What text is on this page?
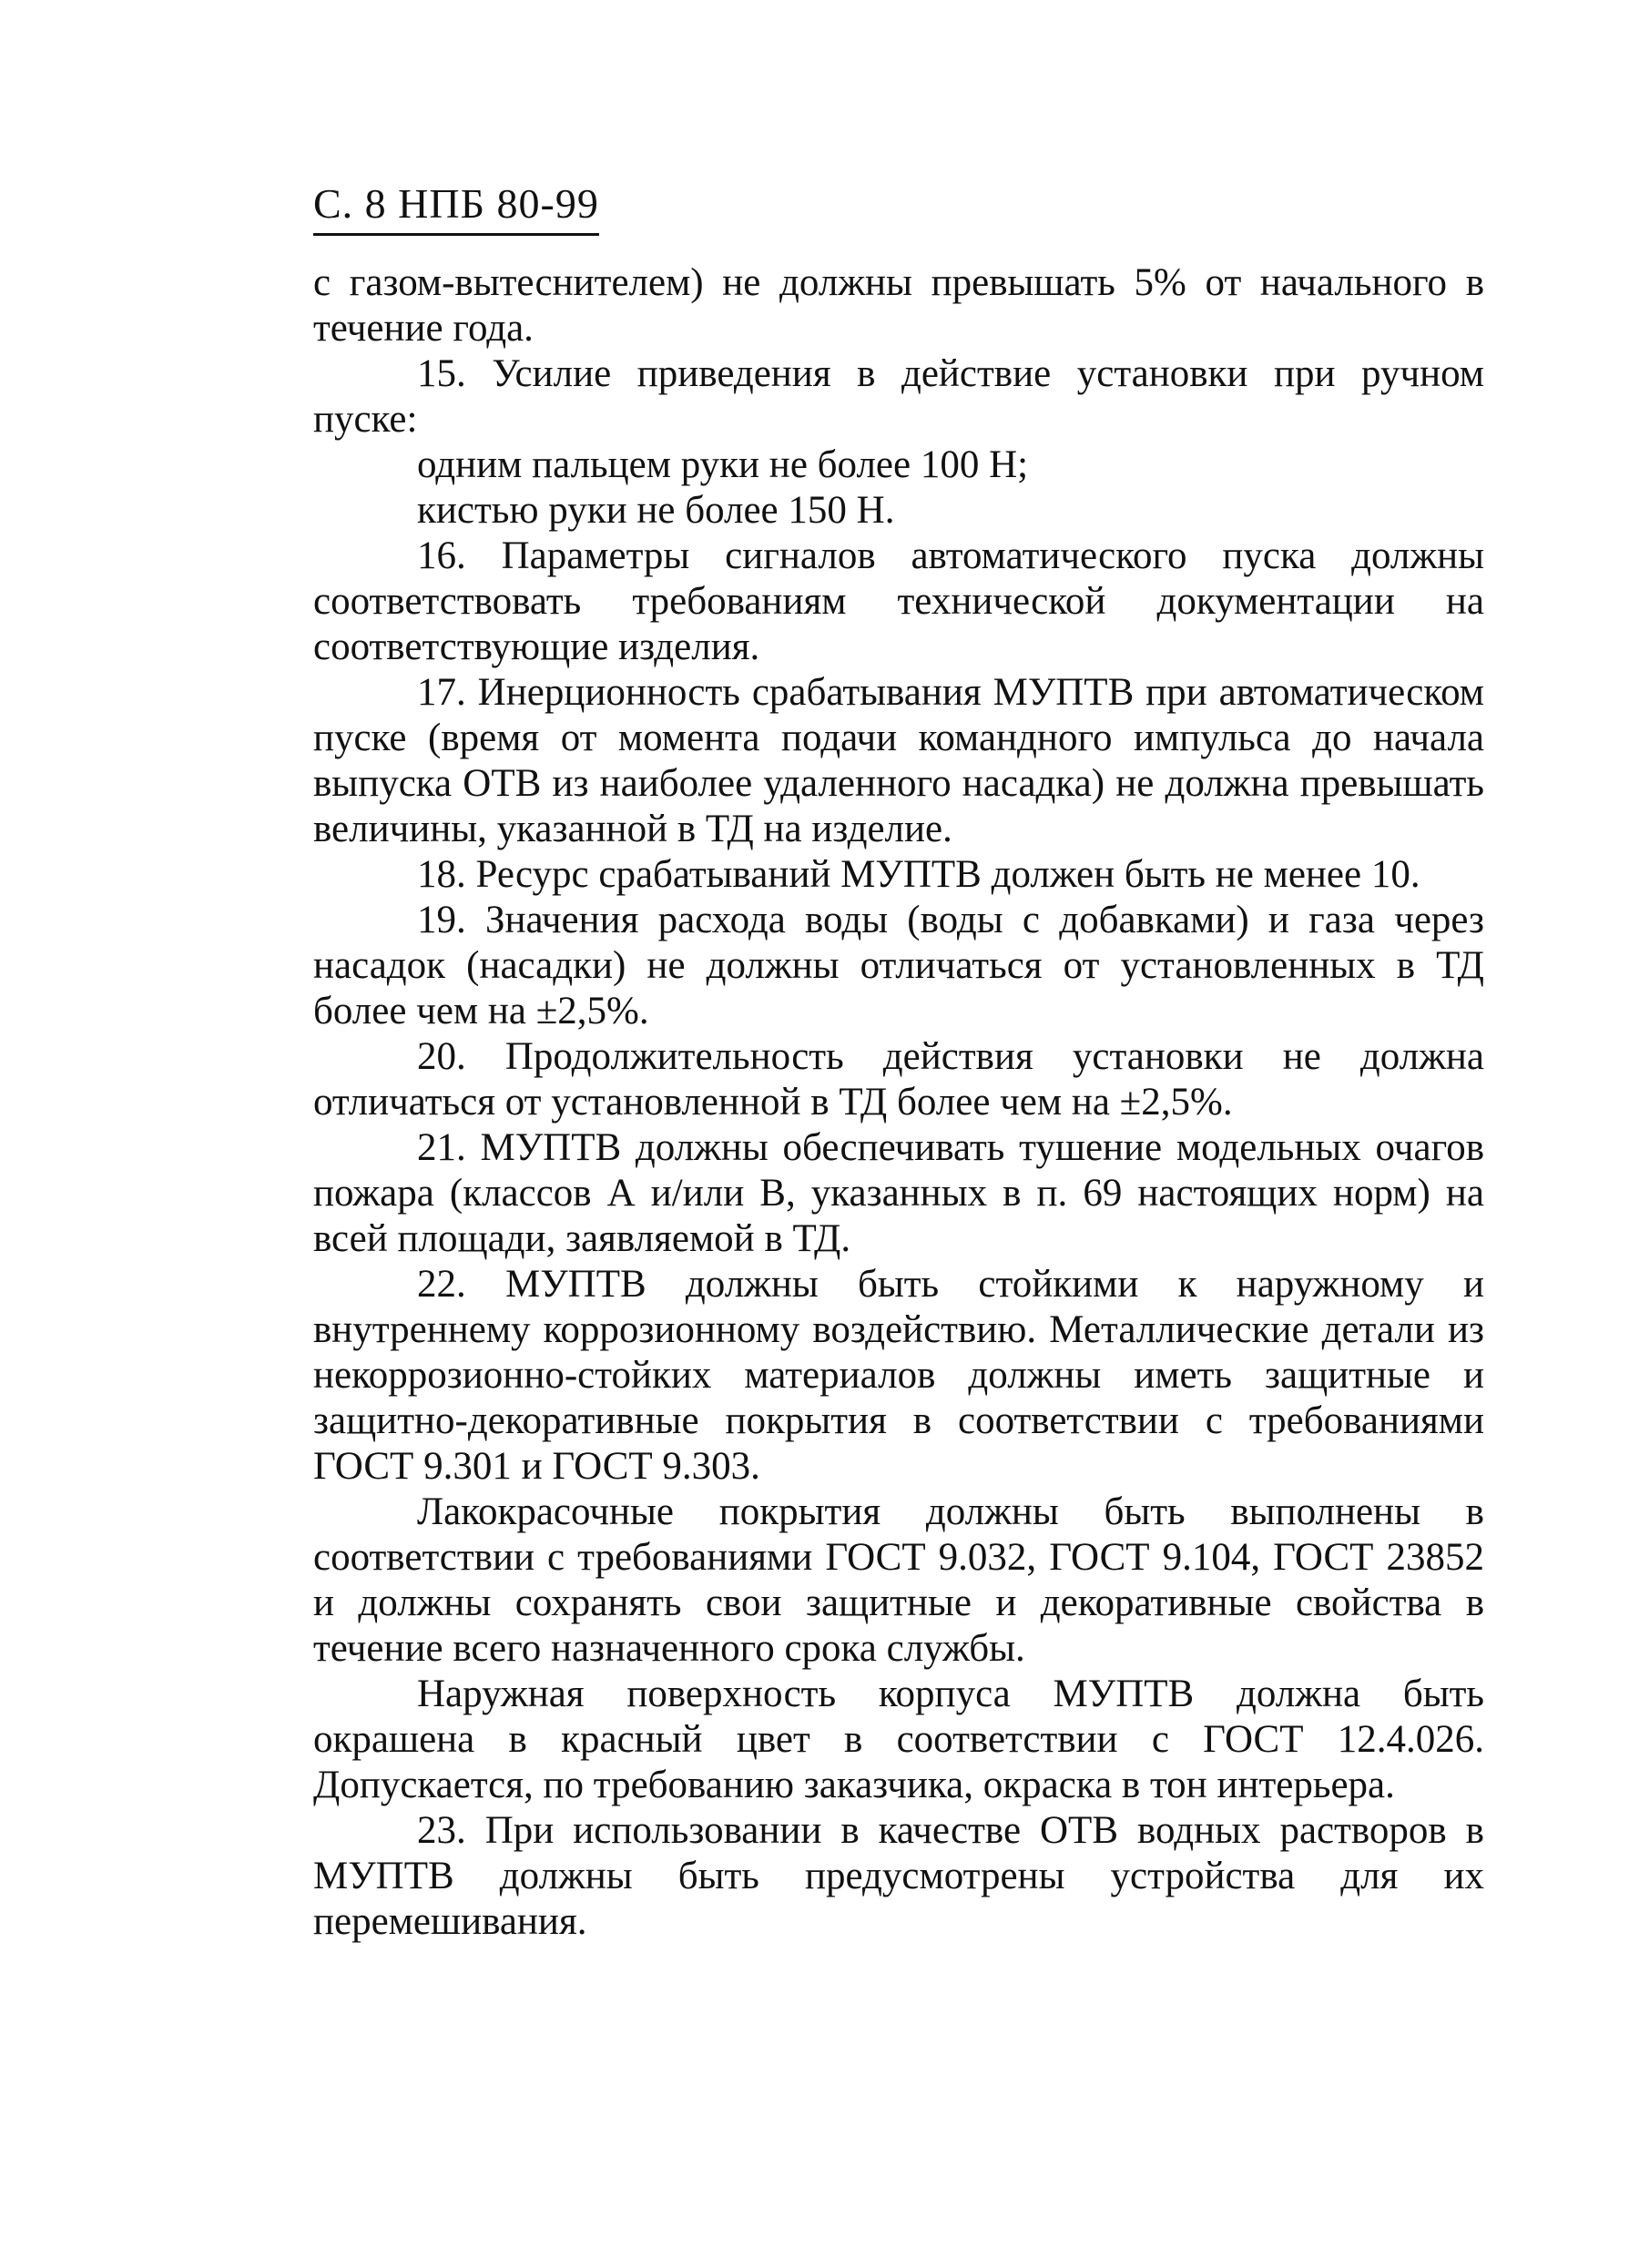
С. 8 НПБ 80-99

с газом-вытеснителем) не должны превышать 5% от начального в течение года.

15. Усилие приведения в действие установки при ручном пуске:

одним пальцем руки не более 100 Н;

кистью руки не более 150 Н.

16. Параметры сигналов автоматического пуска должны соответствовать требованиям технической документации на соответствующие изделия.

17. Инерционность срабатывания МУПТВ при автоматическом пуске (время от момента подачи командного импульса до начала выпуска ОТВ из наиболее удаленного насадка) не должна превышать величины, указанной в ТД на изделие.

18. Ресурс срабатываний МУПТВ должен быть не менее 10.

19. Значения расхода воды (воды с добавками) и газа через насадок (насадки) не должны отличаться от установленных в ТД более чем на ±2,5%.

20. Продолжительность действия установки не должна отличаться от установленной в ТД более чем на ±2,5%.

21. МУПТВ должны обеспечивать тушение модельных очагов пожара (классов А и/или В, указанных в п. 69 настоящих норм) на всей площади, заявляемой в ТД.

22. МУПТВ должны быть стойкими к наружному и внутреннему коррозионному воздействию. Металлические детали из некоррозионно-стойких материалов должны иметь защитные и защитно-декоративные покрытия в соответствии с требованиями ГОСТ 9.301 и ГОСТ 9.303.

Лакокрасочные покрытия должны быть выполнены в соответствии с требованиями ГОСТ 9.032, ГОСТ 9.104, ГОСТ 23852 и должны сохранять свои защитные и декоративные свойства в течение всего назначенного срока службы.

Наружная поверхность корпуса МУПТВ должна быть окрашена в красный цвет в соответствии с ГОСТ 12.4.026. Допускается, по требованию заказчика, окраска в тон интерьера.

23. При использовании в качестве ОТВ водных растворов в МУПТВ должны быть предусмотрены устройства для их перемешивания.
